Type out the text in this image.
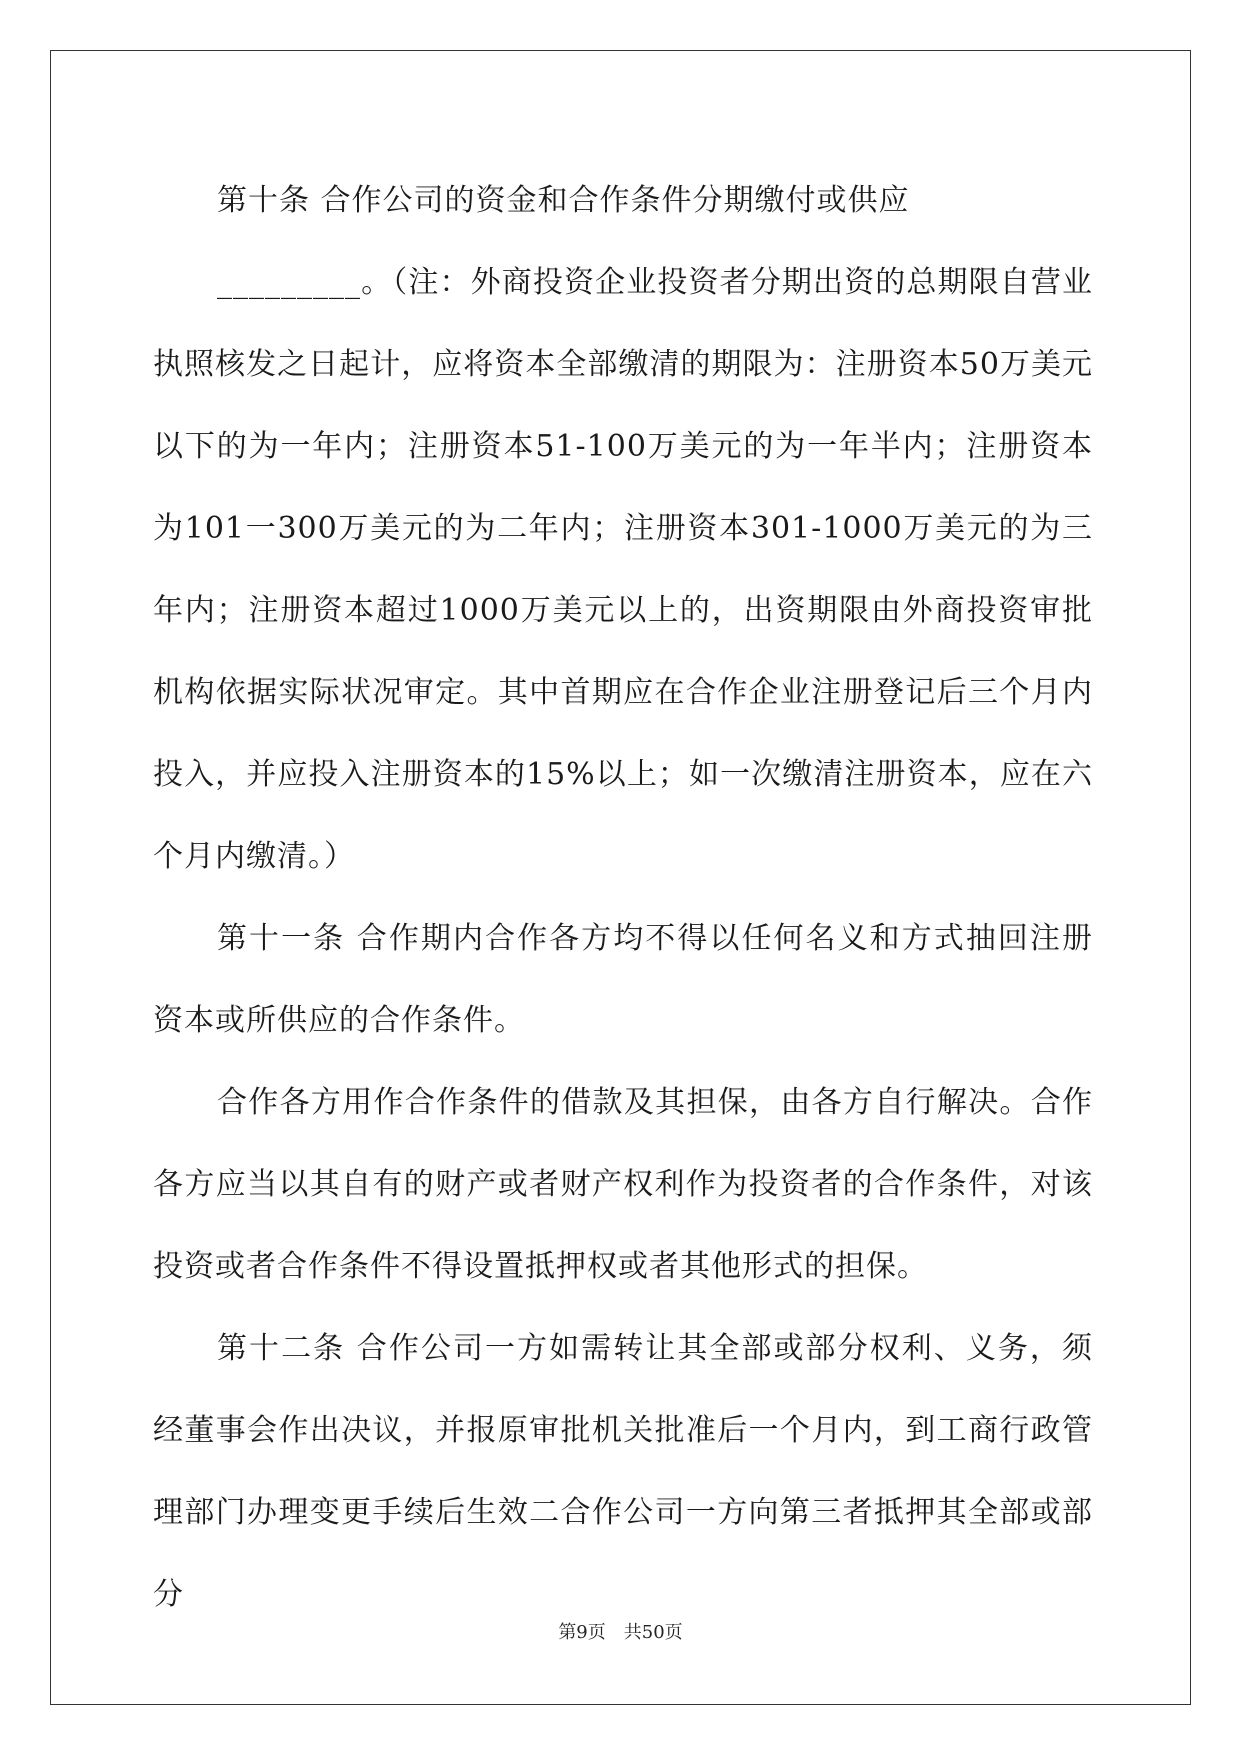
第十条 合作公司的资金和合作条件分期缴付或供应

_________。（注：外商投资企业投资者分期出资的总期限自营业执照核发之日起计，应将资本全部缴清的期限为：注册资本50万美元以下的为一年内；注册资本51-100万美元的为一年半内；注册资本为101一300万美元的为二年内；注册资本301-1000万美元的为三年内；注册资本超过1000万美元以上的，出资期限由外商投资审批机构依据实际状况审定。其中首期应在合作企业注册登记后三个月内投入，并应投入注册资本的15%以上；如一次缴清注册资本，应在六个月内缴清。）

第十一条 合作期内合作各方均不得以任何名义和方式抽回注册资本或所供应的合作条件。

合作各方用作合作条件的借款及其担保，由各方自行解决。合作各方应当以其自有的财产或者财产权利作为投资者的合作条件，对该投资或者合作条件不得设置抵押权或者其他形式的担保。

第十二条 合作公司一方如需转让其全部或部分权利、义务，须经董事会作出决议，并报原审批机关批准后一个月内，到工商行政管理部门办理变更手续后生效二合作公司一方向第三者抵押其全部或部分

第9页 共50页
